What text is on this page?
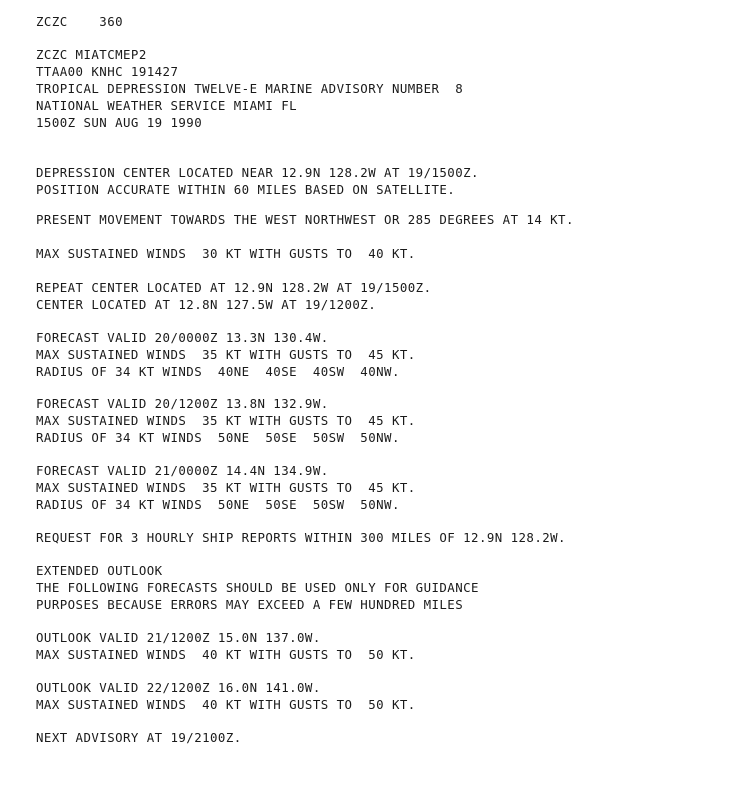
ZCZC    360

ZCZC MIATCMEP2

TTAA00 KNHC 191427

TROPICAL DEPRESSION TWELVE-E MARINE ADVISORY NUMBER  8

NATIONAL WEATHER SERVICE MIAMI FL

1500Z SUN AUG 19 1990

DEPRESSION CENTER LOCATED NEAR 12.9N 128.2W AT 19/1500Z.

POSITION ACCURATE WITHIN 60 MILES BASED ON SATELLITE.

PRESENT MOVEMENT TOWARDS THE WEST NORTHWEST OR 285 DEGREES AT 14 KT.

MAX SUSTAINED WINDS  30 KT WITH GUSTS TO  40 KT.

REPEAT CENTER LOCATED AT 12.9N 128.2W AT 19/1500Z.

CENTER LOCATED AT 12.8N 127.5W AT 19/1200Z.

FORECAST VALID 20/0000Z 13.3N 130.4W.

MAX SUSTAINED WINDS  35 KT WITH GUSTS TO  45 KT.

RADIUS OF 34 KT WINDS  40NE  40SE  40SW  40NW.

FORECAST VALID 20/1200Z 13.8N 132.9W.

MAX SUSTAINED WINDS  35 KT WITH GUSTS TO  45 KT.

RADIUS OF 34 KT WINDS  50NE  50SE  50SW  50NW.

FORECAST VALID 21/0000Z 14.4N 134.9W.

MAX SUSTAINED WINDS  35 KT WITH GUSTS TO  45 KT.

RADIUS OF 34 KT WINDS  50NE  50SE  50SW  50NW.

REQUEST FOR 3 HOURLY SHIP REPORTS WITHIN 300 MILES OF 12.9N 128.2W.

EXTENDED OUTLOOK

THE FOLLOWING FORECASTS SHOULD BE USED ONLY FOR GUIDANCE

PURPOSES BECAUSE ERRORS MAY EXCEED A FEW HUNDRED MILES

OUTLOOK VALID 21/1200Z 15.0N 137.0W.

MAX SUSTAINED WINDS  40 KT WITH GUSTS TO  50 KT.

OUTLOOK VALID 22/1200Z 16.0N 141.0W.

MAX SUSTAINED WINDS  40 KT WITH GUSTS TO  50 KT.

NEXT ADVISORY AT 19/2100Z.
